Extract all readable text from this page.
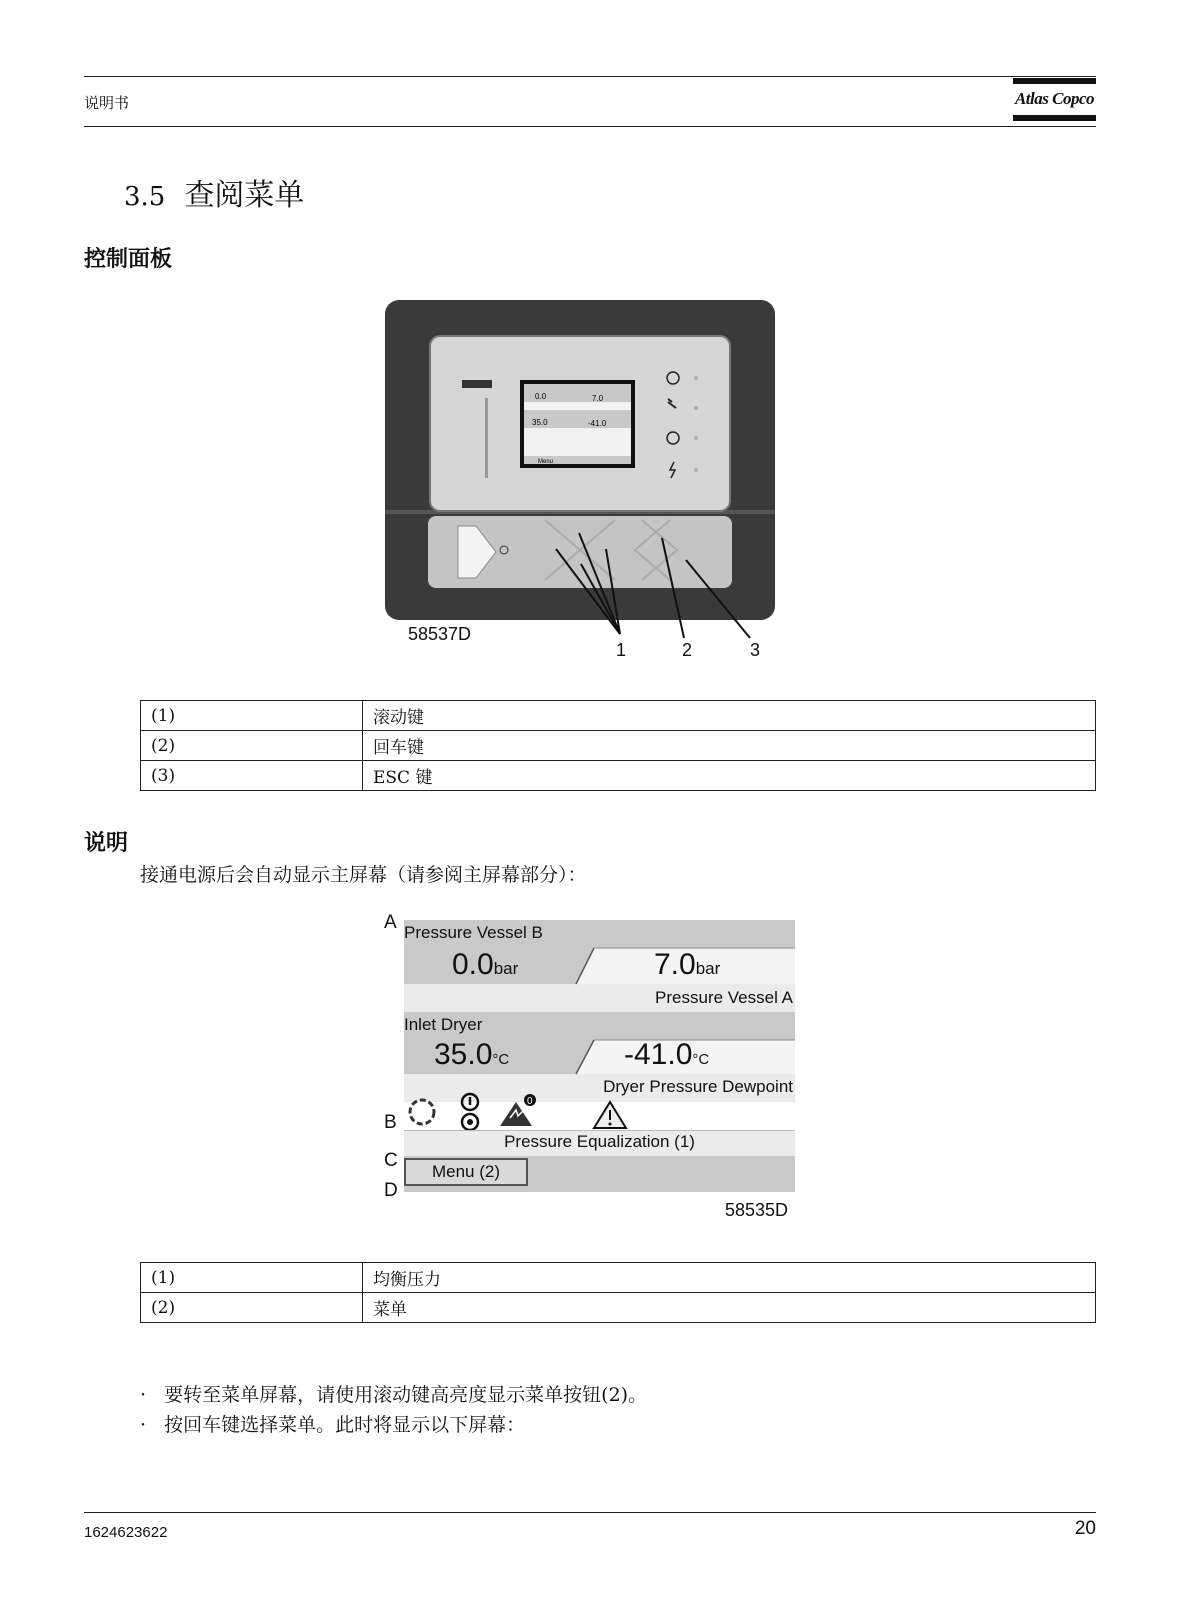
说明书	Atlas Copco
3.5 查阅菜单
控制面板
0.0	7.0
35.0	-41.0
Menu
58537D
1	2	3
(1)	滚动键
(2)	回车键
(3)	ESC 键
说明
接通电源后会自动显示主屏幕（请参阅主屏幕部分）：
A
B
C
D
Pressure Vessel B
0.0bar	7.0bar
Pressure Vessel A
Inlet Dryer
35.0°C	-41.0°C
Dryer Pressure Dewpoint
0
Pressure Equalization (1)
Menu (2)
58535D
(1)	均衡压力
(2)	菜单
·   要转至菜单屏幕，请使用滚动键高亮度显示菜单按钮(2)。
·   按回车键选择菜单。此时将显示以下屏幕：
1624623622	20
